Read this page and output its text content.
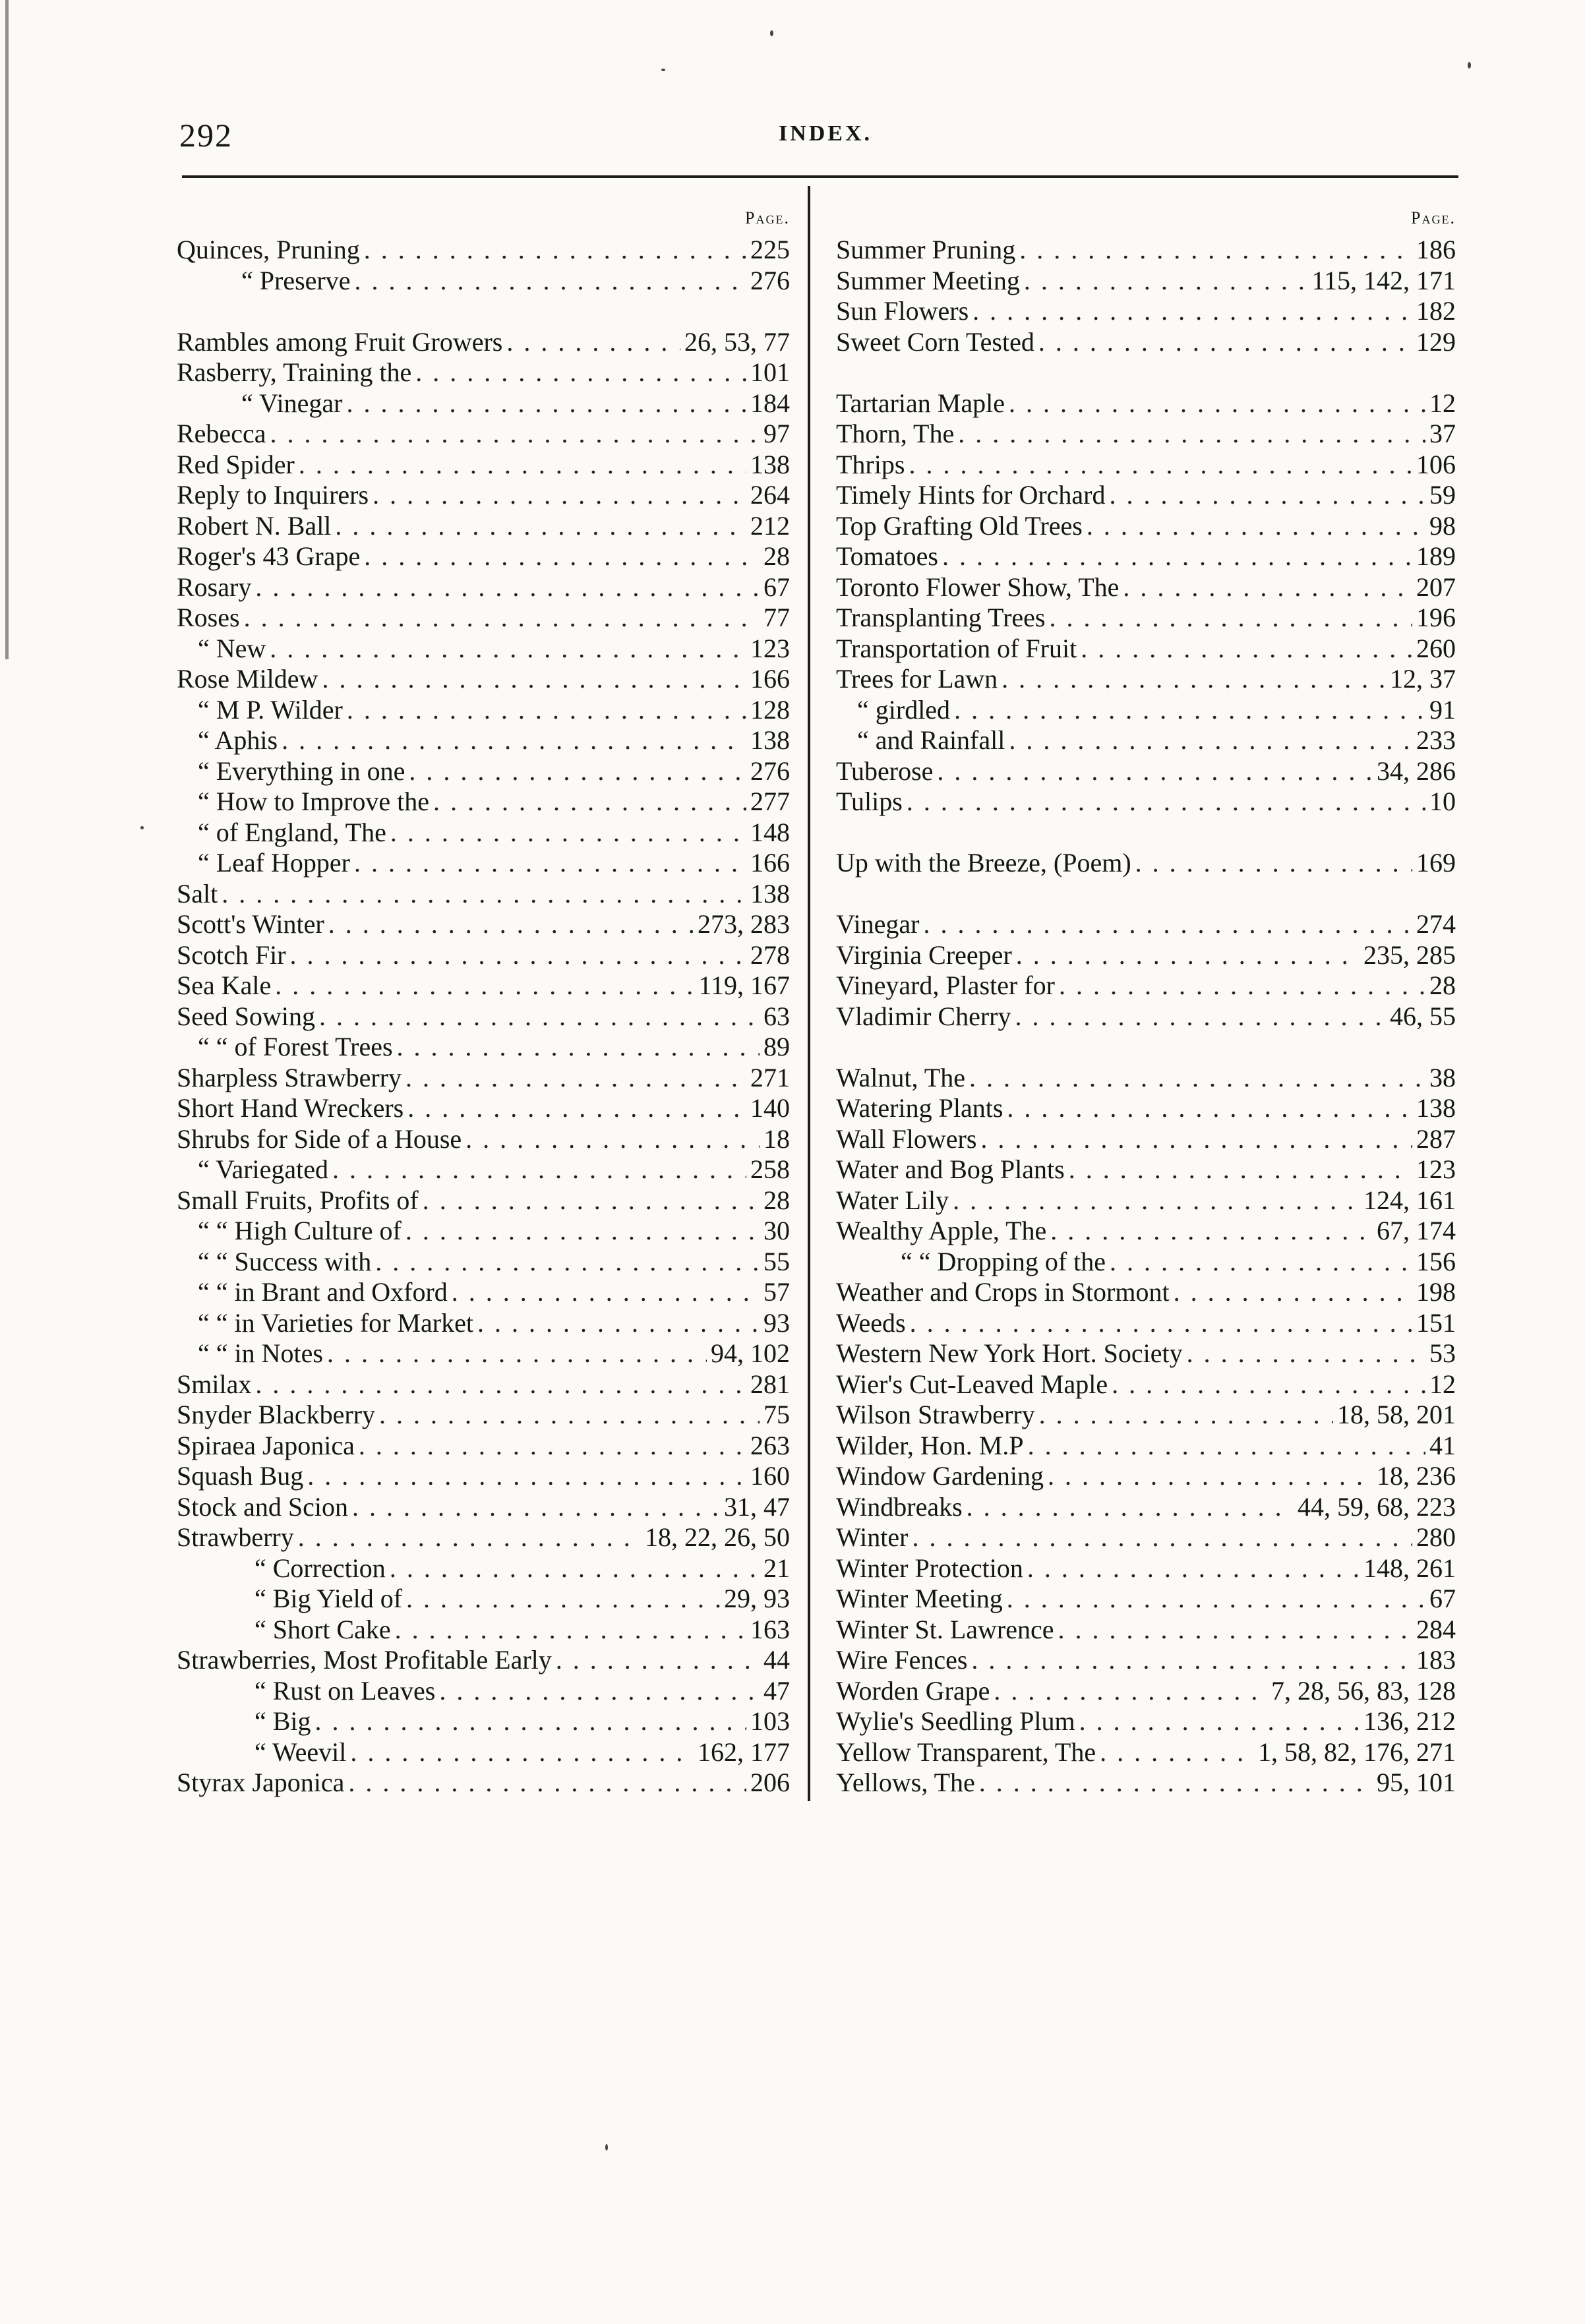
292	INDEX.
Page.
Quinces, Pruning . . .	225
“ Preserve . . .	276
Rambles among Fruit Growers . . .	26, 53, 77
Rasberry, Training the . . .	101
“ Vinegar . . .	184
Rebecca . . .	97
Red Spider . . .	138
Reply to Inquirers . . .	264
Robert N. Ball . . .	212
Roger's 43 Grape . . .	28
Rosary . . .	67
Roses . . .	77
“ New . . .	123
Rose Mildew . . .	166
“ M P. Wilder . . .	128
“ Aphis . . .	138
“ Everything in one . . .	276
“ How to Improve the . . .	277
“ of England, The . . .	148
“ Leaf Hopper . . .	166
Salt . . .	138
Scott's Winter . . .	273, 283
Scotch Fir . . .	278
Sea Kale . . .	119, 167
Seed Sowing . . .	63
“ “ of Forest Trees . . .	89
Sharpless Strawberry . . .	271
Short Hand Wreckers . . .	140
Shrubs for Side of a House . . .	18
“ Variegated . . .	258
Small Fruits, Profits of . . .	28
“ “ High Culture of . . .	30
“ “ Success with . . .	55
“ “ in Brant and Oxford . . .	57
“ “ in Varieties for Market . . .	93
“ “ in Notes . . .	94, 102
Smilax . . .	281
Snyder Blackberry . . .	75
Spiraea Japonica . . .	263
Squash Bug . . .	160
Stock and Scion . . .	31, 47
Strawberry . . .	18, 22, 26, 50
“ Correction . . .	21
“ Big Yield of . . .	29, 93
“ Short Cake . . .	163
Strawberries, Most Profitable Early . . .	44
“ Rust on Leaves . . .	47
“ Big . . .	103
“ Weevil . . .	162, 177
Styrax Japonica . . .	206
Page.
Summer Pruning . . .	186
Summer Meeting . . .	115, 142, 171
Sun Flowers . . .	182
Sweet Corn Tested . . .	129
Tartarian Maple . . .	12
Thorn, The . . .	37
Thrips . . .	106
Timely Hints for Orchard . . .	59
Top Grafting Old Trees . . .	98
Tomatoes . . .	189
Toronto Flower Show, The . . .	207
Transplanting Trees . . .	196
Transportation of Fruit . . .	260
Trees for Lawn . . .	12, 37
“ girdled . . .	91
“ and Rainfall . . .	233
Tuberose . . .	34, 286
Tulips . . .	10
Up with the Breeze, (Poem) . . .	169
Vinegar . . .	274
Virginia Creeper . . .	235, 285
Vineyard, Plaster for . . .	28
Vladimir Cherry . . .	46, 55
Walnut, The . . .	38
Watering Plants . . .	138
Wall Flowers . . .	287
Water and Bog Plants . . .	123
Water Lily . . .	124, 161
Wealthy Apple, The . . .	67, 174
“ “ Dropping of the . . .	156
Weather and Crops in Stormont . . .	198
Weeds . . .	151
Western New York Hort. Society . . .	53
Wier's Cut-Leaved Maple . . .	12
Wilson Strawberry . . .	18, 58, 201
Wilder, Hon. M.P . . .	41
Window Gardening . . .	18, 236
Windbreaks . . .	44, 59, 68, 223
Winter . . .	280
Winter Protection . . .	148, 261
Winter Meeting . . .	67
Winter St. Lawrence . . .	284
Wire Fences . . .	183
Worden Grape . . .	7, 28, 56, 83, 128
Wylie's Seedling Plum . . .	136, 212
Yellow Transparent, The . . .	1, 58, 82, 176, 271
Yellows, The . . .	95, 101
